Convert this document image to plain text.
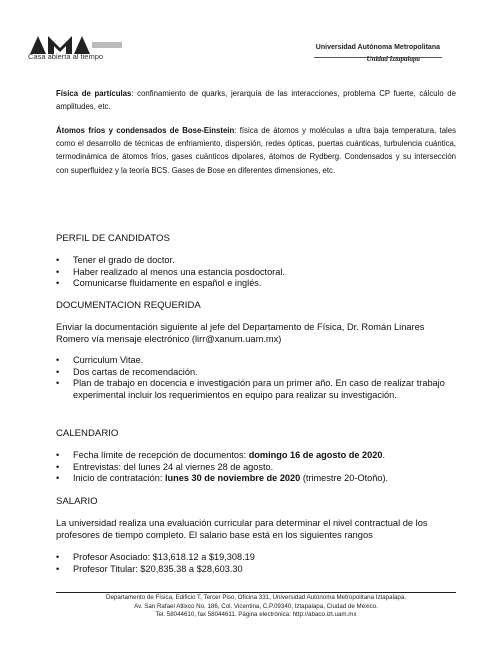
Casa abierta al tiempo
Universidad Autónoma Metropolitana
Unidad Iztapalapa
Física de partículas: confinamiento de quarks, jerarquía de las interacciones, problema CP fuerte, cálculo de amplitudes, etc.
Átomos fríos y condensados de Bose-Einstein: física de átomos y moléculas a ultra baja temperatura, tales como el desarrollo de técnicas de enfriamiento, dispersión, redes ópticas, puertas cuánticas, turbulencia cuántica, termodinámica de átomos fríos, gases cuánticos dipolares, átomos de Rydberg. Condensados y su intersección con superfluidez y la teoría BCS. Gases de Bose en diferentes dimensiones, etc.
PERFIL DE CANDIDATOS
• Tener el grado de doctor.
• Haber realizado al menos una estancia posdoctoral.
• Comunicarse fluidamente en español e inglés.
DOCUMENTACION REQUERIDA
Enviar la documentación siguiente al jefe del Departamento de Física, Dr. Román Linares Romero vía mensaje electrónico (lirr@xanum.uam.mx)
• Curriculum Vitae.
• Dos cartas de recomendación.
• Plan de trabajo en docencia e investigación para un primer año. En caso de realizar trabajo experimental incluir los requerimientos en equipo para realizar su investigación.
CALENDARIO
• Fecha límite de recepción de documentos: domingo 16 de agosto de 2020.
• Entrevistas: del lunes 24 al viernes 28 de agosto.
• Inicio de contratación: lunes 30 de noviembre de 2020 (trimestre 20-Otoño).
SALARIO
La universidad realiza una evaluación curricular para determinar el nivel contractual de los profesores de tiempo completo. El salario base está en los siguientes rangos
• Profesor Asociado: $13,618.12 a $19,308.19
• Profesor Titular: $20,835.38 a $28,603.30
Departamento de Física, Edificio T, Tercer Piso, Oficina 331, Universidad Autónoma Metropolitana Iztapalapa.
Av. San Rafael Atlixco No. 186, Col. Vicentina, C.P.09340, Iztapalapa, Ciudad de México.
Tel. 58044610, fax 58044611. Página electrónica: http://abaco.izt.uam.mx
